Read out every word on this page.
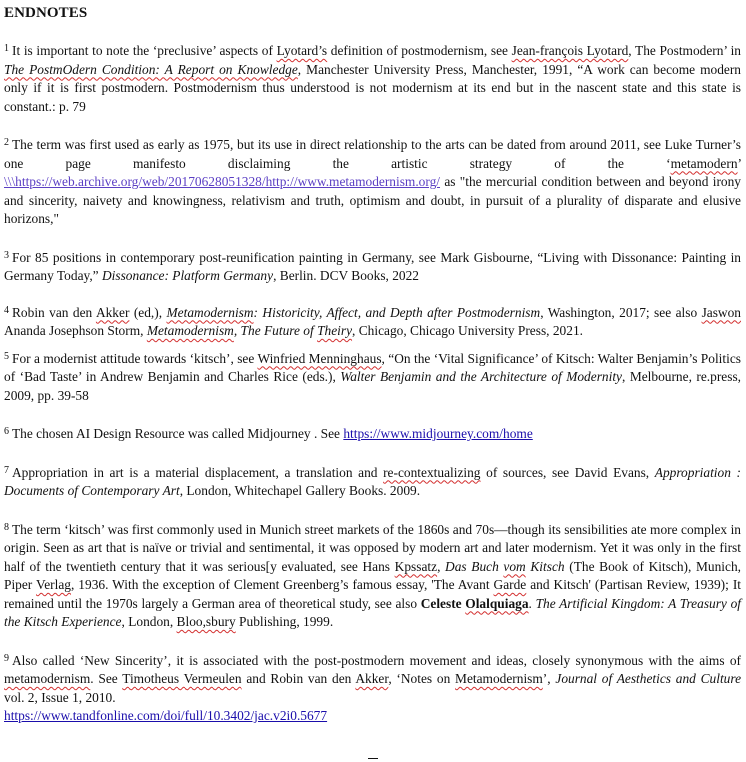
ENDNOTES

$^1$ It is important to note the ‘preclusive’ aspects of Lyotard’s definition of postmodernism, see Jean-françois Lyotard, The Postmodern’ in The PostmOdern Condition: A Report on Knowledge, Manchester University Press, Manchester, 1991, “A work can become modern only if it is first postmodern. Postmodernism thus understood is not modernism at its end but in the nascent state and this state is constant.: p. 79

$^2$ The term was first used as early as 1975, but its use in direct relationship to the arts can be dated from around 2011, see Luke Turner’s one page manifesto disclaiming the artistic strategy of the ‘metamodern’ \\\https://web.archive.org/web/20170628051328/http://www.metamodernism.org/ as "the mercurial condition between and beyond irony and sincerity, naivety and knowingness, relativism and truth, optimism and doubt, in pursuit of a plurality of disparate and elusive horizons,"

$^3$ For 85 positions in contemporary post-reunification painting in Germany, see Mark Gisbourne, “Living with Dissonance: Painting in Germany Today,” Dissonance: Platform Germany, Berlin. DCV Books, 2022

$^4$ Robin van den Akker (ed,), Metamodernism: Historicity, Affect, and Depth after Postmodernism, Washington, 2017; see also Jaswon Ananda Josephson Storm, Metamodernism, The Future of Theiry, Chicago, Chicago University Press, 2021.

$^5$ For a modernist attitude towards ‘kitsch’, see Winfried Menninghaus, “On the ‘Vital Significance’ of Kitsch: Walter Benjamin’s Politics of ‘Bad Taste’ in Andrew Benjamin and Charles Rice (eds.), Walter Benjamin and the Architecture of Modernity, Melbourne, re.press, 2009, pp. 39-58

$^6$ The chosen AI Design Resource was called Midjourney . See https://www.midjourney.com/home

$^7$ Appropriation in art is a material displacement, a translation and re-contextualizing of sources, see David Evans, Appropriation : Documents of Contemporary Art, London, Whitechapel Gallery Books. 2009.

$^8$ The term ‘kitsch’ was first commonly used in Munich street markets of the 1860s and 70s—though its sensibilities ate more complex in origin. Seen as art that is naïve or trivial and sentimental, it was opposed by modern art and later modernism. Yet it was only in the first half of the twentieth century that it was serious[y evaluated, see Hans Kpssatz, Das Buch vom Kitsch (The Book of Kitsch), Munich, Piper Verlag, 1936. With the exception of Clement Greenberg’s famous essay, 'The Avant Garde and Kitsch' (Partisan Review, 1939); It remained until the 1970s largely a German area of theoretical study, see also Celeste Olalquiaga. The Artificial Kingdom: A Treasury of the Kitsch Experience, London, Bloo,sbury Publishing, 1999.

$^9$ Also called ‘New Sincerity’, it is associated with the post-postmodern movement and ideas, closely synonymous with the aims of metamodernism. See Timotheus Vermeulen and Robin van den Akker, ‘Notes on Metamodernism’, Journal of Aesthetics and Culture vol. 2, Issue 1, 2010.
https://www.tandfonline.com/doi/full/10.3402/jac.v2i0.5677
